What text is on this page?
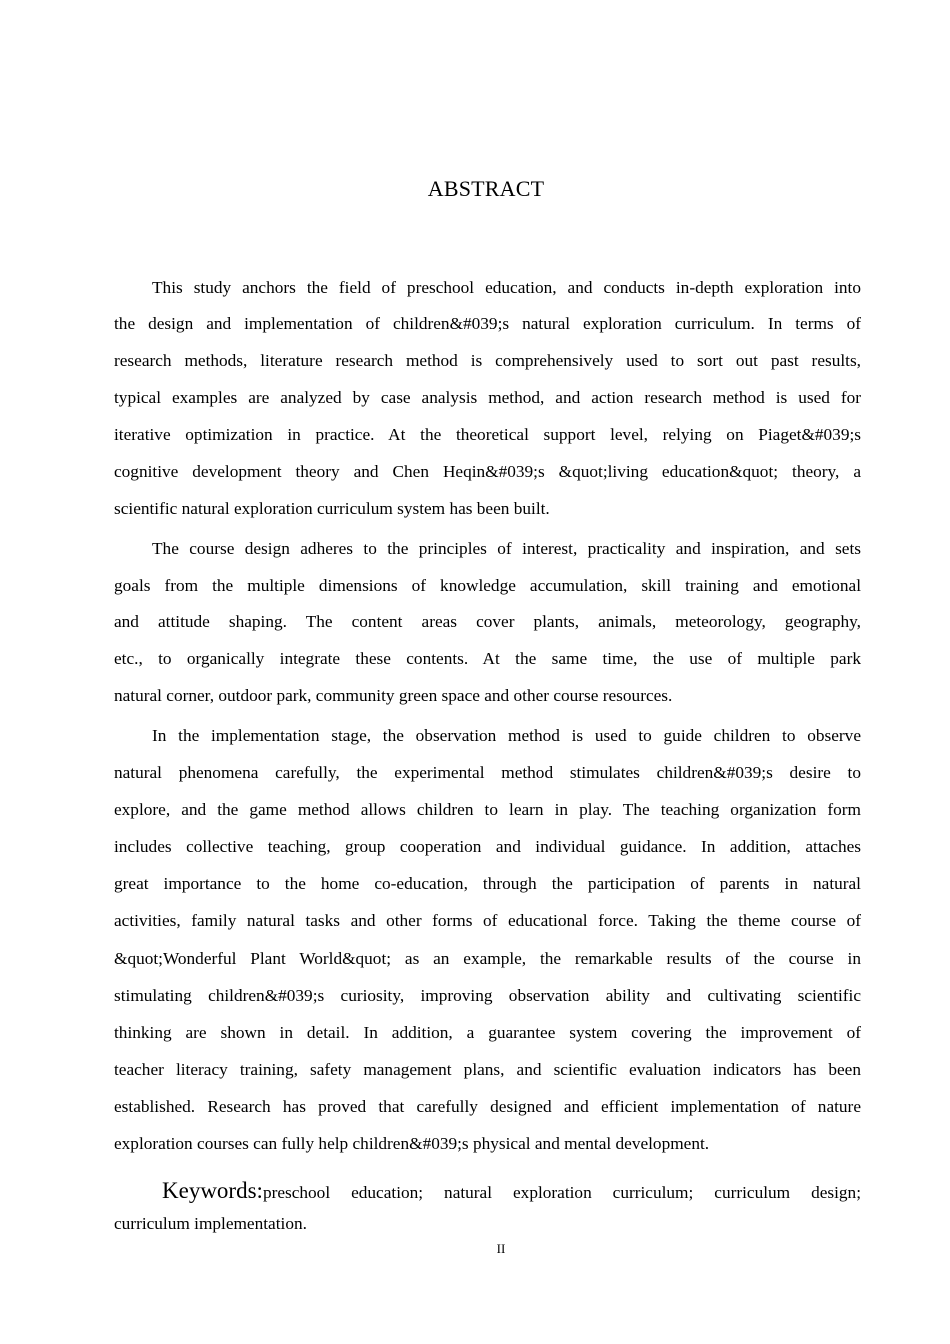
ABSTRACT
This study anchors the field of preschool education, and conducts in-depth exploration into
the design and implementation of children&#039;s natural exploration curriculum. In terms of
research methods, literature research method is comprehensively used to sort out past results,
typical examples are analyzed by case analysis method, and action research method is used for
iterative optimization in practice. At the theoretical support level, relying on Piaget&#039;s
cognitive development theory and Chen Heqin&#039;s &quot;living education&quot; theory, a
scientific natural exploration curriculum system has been built.
The course design adheres to the principles of interest, practicality and inspiration, and sets
goals from the multiple dimensions of knowledge accumulation, skill training and emotional
and attitude shaping. The content areas cover plants, animals, meteorology, geography,
etc., to organically integrate these contents. At the same time, the use of multiple park
natural corner, outdoor park, community green space and other course resources.
In the implementation stage, the observation method is used to guide children to observe
natural phenomena carefully, the experimental method stimulates children&#039;s desire to
explore, and the game method allows children to learn in play. The teaching organization form
includes collective teaching, group cooperation and individual guidance. In addition, attaches
great importance to the home co-education, through the participation of parents in natural
activities, family natural tasks and other forms of educational force. Taking the theme course of
&quot;Wonderful Plant World&quot; as an example, the remarkable results of the course in
stimulating children&#039;s curiosity, improving observation ability and cultivating scientific
thinking are shown in detail. In addition, a guarantee system covering the improvement of
teacher literacy training, safety management plans, and scientific evaluation indicators has been
established. Research has proved that carefully designed and efficient implementation of nature
exploration courses can fully help children&#039;s physical and mental development.
Keywords:preschool education; natural exploration curriculum; curriculum design;
curriculum implementation.
II
